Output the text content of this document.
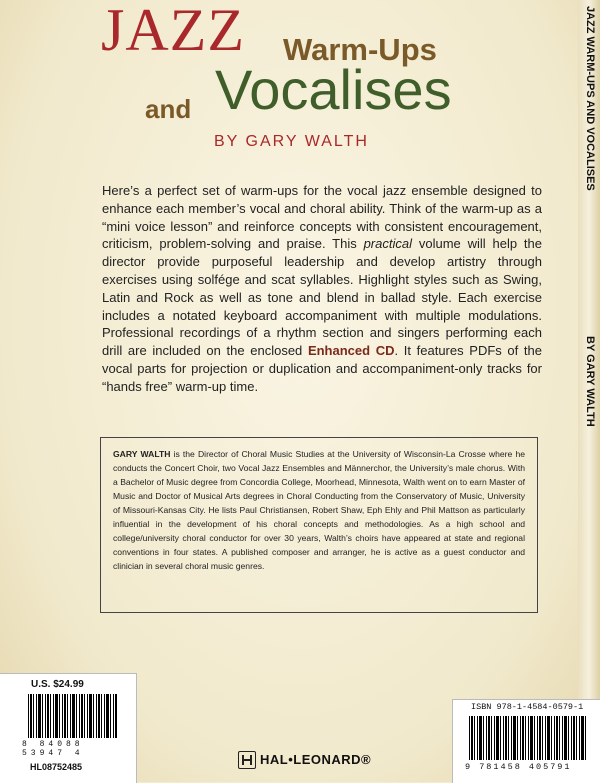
JAZZ Warm-Ups
Vocalises
and
BY GARY WALTH
Here’s a perfect set of warm-ups for the vocal jazz ensemble designed to enhance each member’s vocal and choral ability. Think of the warm-up as a “mini voice lesson” and reinforce concepts with consistent encouragement, criticism, problem-solving and praise. This practical volume will help the director provide purposeful leadership and develop artistry through exercises using solfége and scat syllables. Highlight styles such as Swing, Latin and Rock as well as tone and blend in ballad style. Each exercise includes a notated keyboard accompaniment with multiple modulations. Professional recordings of a rhythm section and singers performing each drill are included on the enclosed Enhanced CD. It features PDFs of the vocal parts for projection or duplication and accompaniment-only tracks for “hands free” warm-up time.
GARY WALTH is the Director of Choral Music Studies at the University of Wisconsin-La Crosse where he conducts the Concert Choir, two Vocal Jazz Ensembles and Männerchor, the University’s male chorus. With a Bachelor of Music degree from Concordia College, Moorhead, Minnesota, Walth went on to earn Master of Music and Doctor of Musical Arts degrees in Choral Conducting from the Conservatory of Music, University of Missouri-Kansas City. He lists Paul Christiansen, Robert Shaw, Eph Ehly and Phil Mattson as particularly influential in the development of his choral concepts and methodologies. As a high school and college/university choral conductor for over 30 years, Walth’s choirs have appeared at state and regional conventions in four states. A published composer and arranger, he is active as a guest conductor and clinician in several choral music genres.
JAZZ WARM-UPS AND VOCALISES
BY GARY WALTH
U.S. $24.99
8 84088 53947 4
HL08752485	HAL•LEONARD®
ISBN 978-1-4584-0579-1
9 781458 405791
